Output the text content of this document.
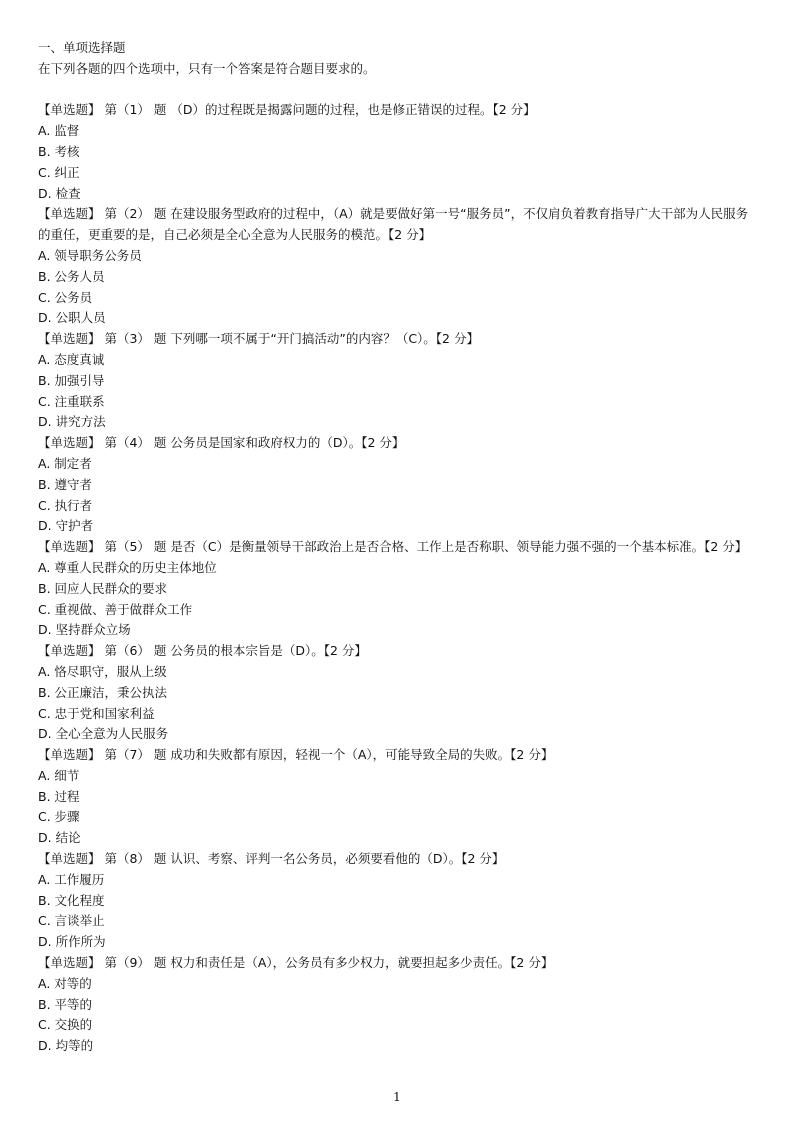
一、单项选择题
在下列各题的四个选项中，只有一个答案是符合题目要求的。
【单选题】 第（1） 题 （D）的过程既是揭露问题的过程，也是修正错误的过程。【2 分】
A. 监督
B. 考核
C. 纠正
D. 检查
【单选题】 第（2） 题 在建设服务型政府的过程中，（A）就是要做好第一号“服务员”，不仅肩负着教育指导广大干部为人民服务的重任，更重要的是，自己必须是全心全意为人民服务的模范。【2 分】
A. 领导职务公务员
B. 公务人员
C. 公务员
D. 公职人员
【单选题】 第（3） 题 下列哪一项不属于“开门搞活动”的内容？（C）。【2 分】
A. 态度真诚
B. 加强引导
C. 注重联系
D. 讲究方法
【单选题】 第（4） 题 公务员是国家和政府权力的（D）。【2 分】
A. 制定者
B. 遵守者
C. 执行者
D. 守护者
【单选题】 第（5） 题 是否（C）是衡量领导干部政治上是否合格、工作上是否称职、领导能力强不强的一个基本标准。【2 分】
A. 尊重人民群众的历史主体地位
B. 回应人民群众的要求
C. 重视做、善于做群众工作
D. 坚持群众立场
【单选题】 第（6） 题 公务员的根本宗旨是（D）。【2 分】
A. 恪尽职守，服从上级
B. 公正廉洁，秉公执法
C. 忠于党和国家利益
D. 全心全意为人民服务
【单选题】 第（7） 题 成功和失败都有原因，轻视一个（A），可能导致全局的失败。【2 分】
A. 细节
B. 过程
C. 步骤
D. 结论
【单选题】 第（8） 题 认识、考察、评判一名公务员，必须要看他的（D）。【2 分】
A. 工作履历
B. 文化程度
C. 言谈举止
D. 所作所为
【单选题】 第（9） 题 权力和责任是（A），公务员有多少权力，就要担起多少责任。【2 分】
A. 对等的
B. 平等的
C. 交换的
D. 均等的
1
